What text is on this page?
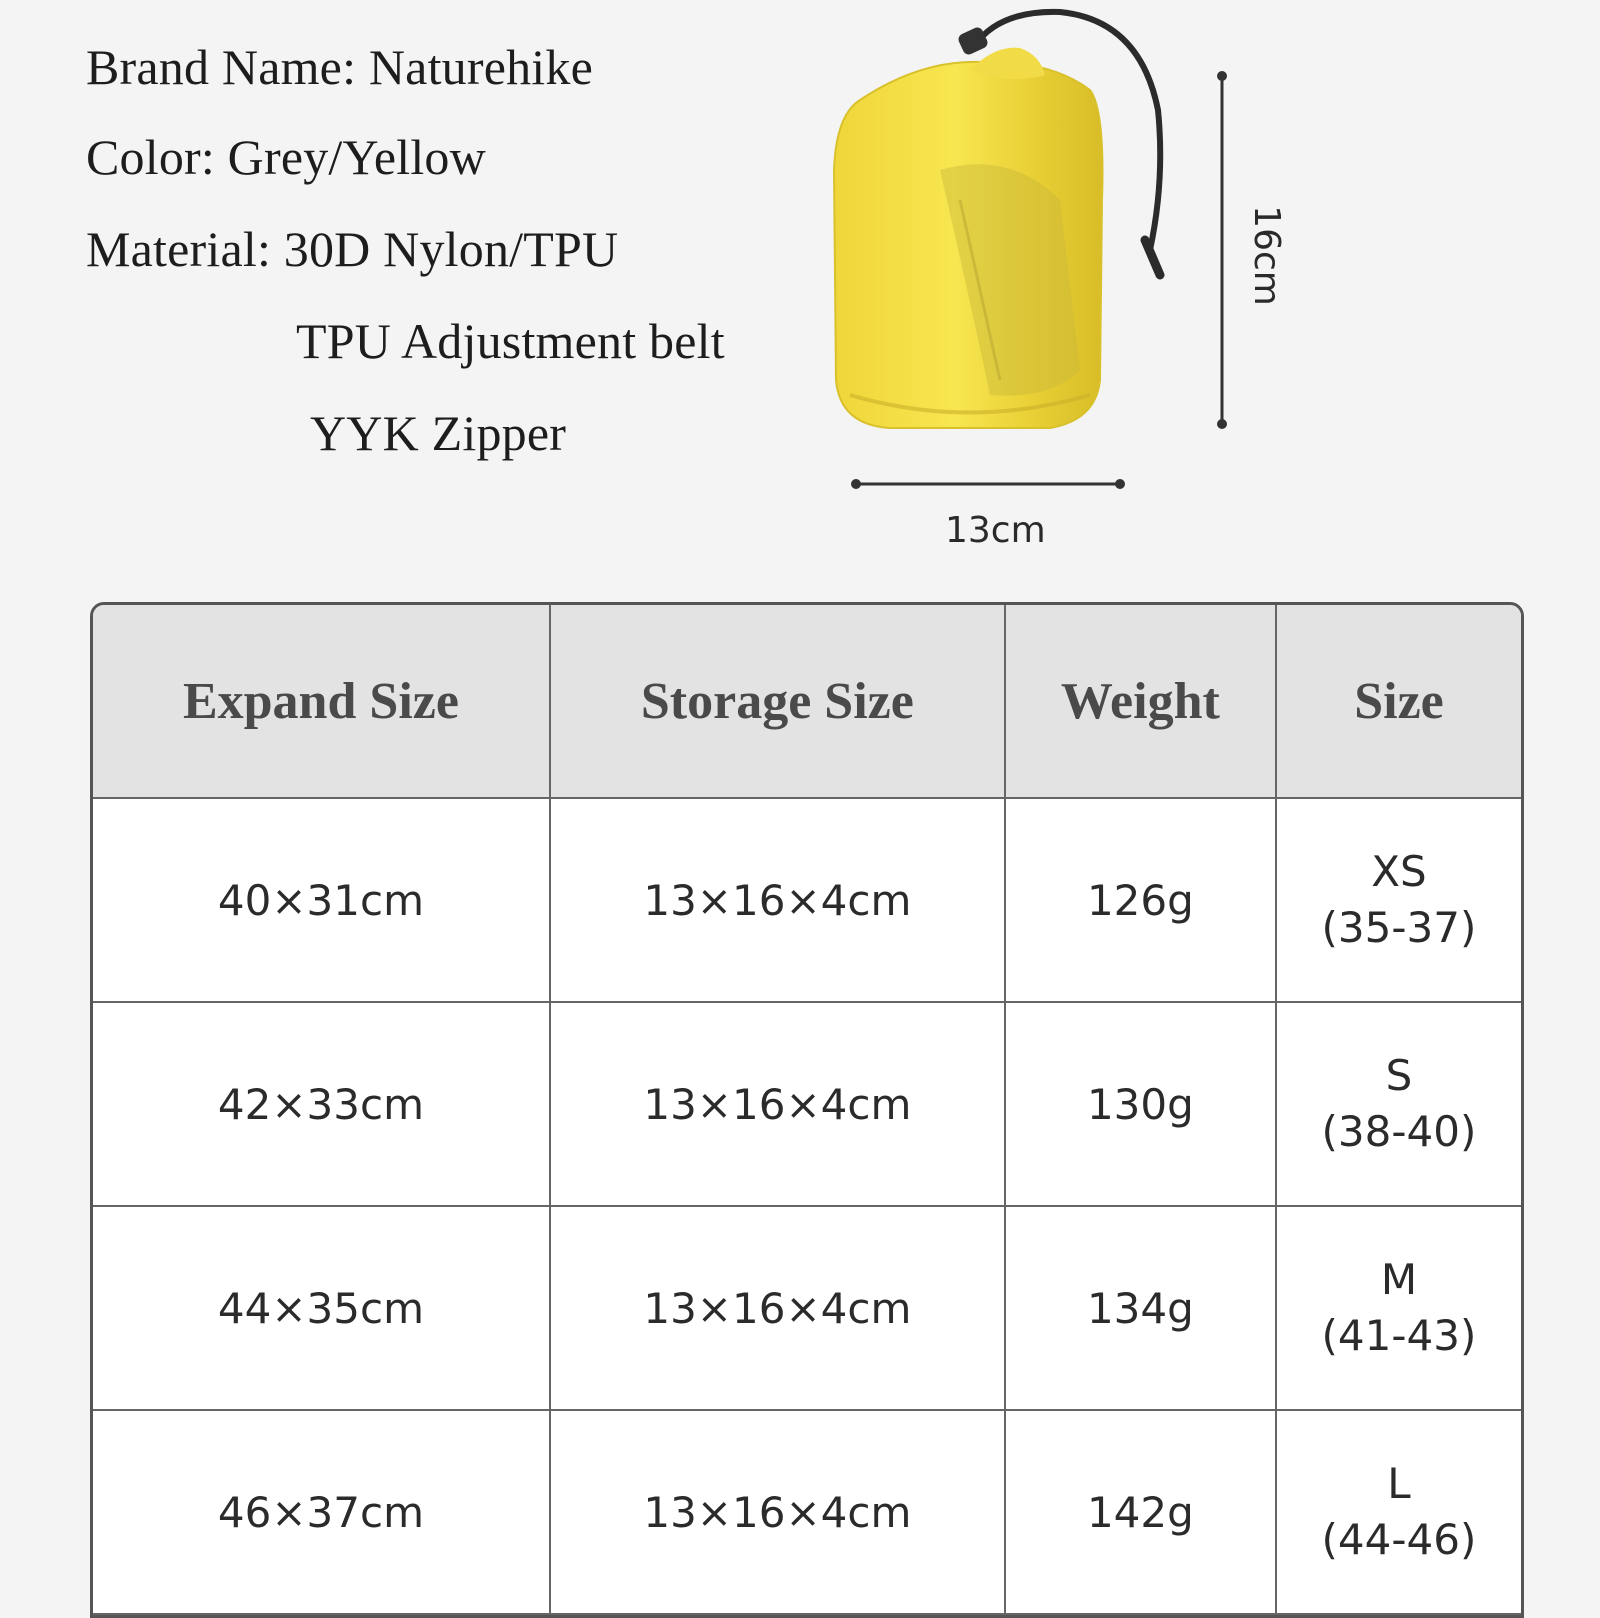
Brand Name: Naturehike
Color: Grey/Yellow
Material: 30D Nylon/TPU
TPU Adjustment belt
YYK Zipper
13cm
16cm
Expand Size	Storage Size	Weight	Size
40×31cm	13×16×4cm	126g	XS
(35-37)

42×33cm	13×16×4cm	130g	S
(38-40)

44×35cm	13×16×4cm	134g	M
(41-43)

46×37cm	13×16×4cm	142g	L
(44-46)
